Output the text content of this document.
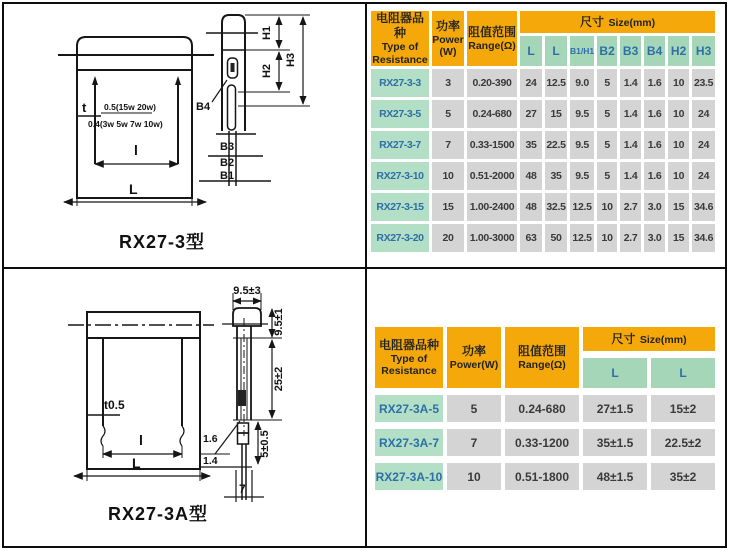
t 0.5(15w 20w)
0.4(3w 5w 7w 10w)
l
L
B3
B2
B1
B4
H1
H2
H3
RX27-3型
t0.5
l
L
9.5±3
9.5±1
25±2
5±0.5
1.6
1.4
7
RX27-3A型
电阻器品种
Type of Resistance

功率
Power
(W)

阻值范围
Range(Ω)
	尺寸 Size(mm)
			L	L	B1/H1	B2	B3	B4	H2	H3
RX27-3-3	3	0.20-390	24	12.5	9.0	5	1.4	1.6	10	23.5
RX27-3-5	5	0.24-680	27	15	9.5	5	1.4	1.6	10	24
RX27-3-7	7	0.33-1500	35	22.5	9.5	5	1.4	1.6	10	24
RX27-3-10	10	0.51-2000	48	35	9.5	5	1.4	1.6	10	24
RX27-3-15	15	1.00-2400	48	32.5	12.5	10	2.7	3.0	15	34.6
RX27-3-20	20	1.00-3000	63	50	12.5	10	2.7	3.0	15	34.6
电阻器品种
Type of Resistance

功率
Power(W)

阻值范围
Range(Ω)
	尺寸 Size(mm)
			L	L
RX27-3A-5	5	0.24-680	27±1.5	15±2
RX27-3A-7	7	0.33-1200	35±1.5	22.5±2
RX27-3A-10	10	0.51-1800	48±1.5	35±2
